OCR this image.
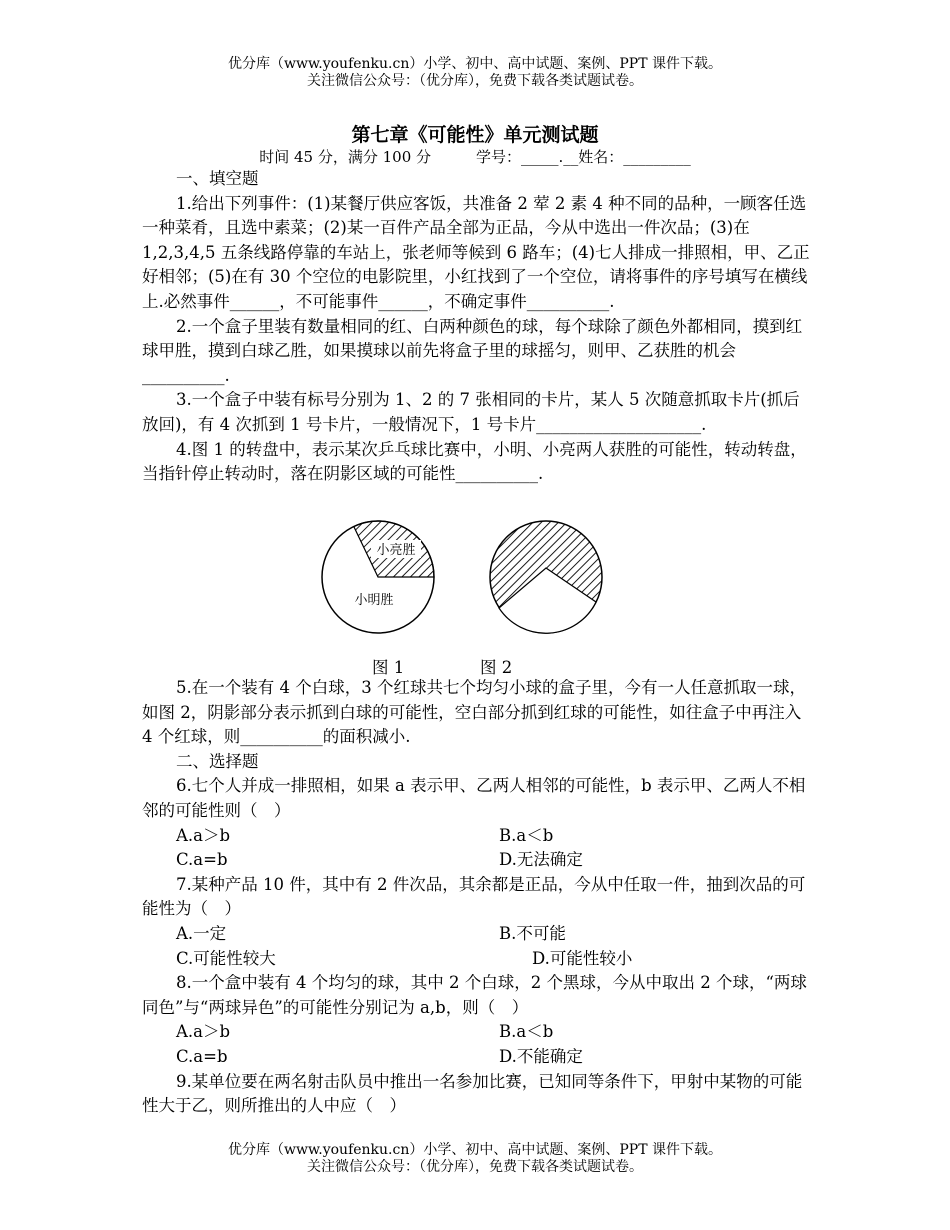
优分库（www.youfenku.cn）小学、初中、高中试题、案例、PPT 课件下载。
关注微信公众号：（优分库），免费下载各类试题试卷。
第七章《可能性》单元测试题
时间 45 分，满分 100 分　　　学号：_____.__姓名：_________

一、填空题

1.给出下列事件：(1)某餐厅供应客饭，共准备 2 荤 2 素 4 种不同的品种，一顾客任选一种菜肴，且选中素菜；(2)某一百件产品全部为正品，今从中选出一件次品；(3)在 1,2,3,4,5 五条线路停靠的车站上，张老师等候到 6 路车；(4)七人排成一排照相，甲、乙正好相邻；(5)在有 30 个空位的电影院里，小红找到了一个空位，请将事件的序号填写在横线上.必然事件______，不可能事件______，不确定事件__________.

2.一个盒子里装有数量相同的红、白两种颜色的球，每个球除了颜色外都相同，摸到红球甲胜，摸到白球乙胜，如果摸球以前先将盒子里的球摇匀，则甲、乙获胜的机会__________.

3.一个盒子中装有标号分别为 1、2 的 7 张相同的卡片，某人 5 次随意抓取卡片(抓后放回)，有 4 次抓到 1 号卡片，一般情况下，1 号卡片____________________.

4.图 1 的转盘中，表示某次乒乓球比赛中，小明、小亮两人获胜的可能性，转动转盘，当指针停止转动时，落在阴影区域的可能性__________.

小亮胜
小明胜
图 1	图 2

5.在一个装有 4 个白球，3 个红球共七个均匀小球的盒子里，今有一人任意抓取一球，如图 2，阴影部分表示抓到白球的可能性，空白部分抓到红球的可能性，如往盒子中再注入 4 个红球，则__________的面积减小.

二、选择题

6.七个人并成一排照相，如果 a 表示甲、乙两人相邻的可能性，b 表示甲、乙两人不相邻的可能性则（　）

A.a＞b	B.a＜b
C.a=b	D.无法确定

7.某种产品 10 件，其中有 2 件次品，其余都是正品，今从中任取一件，抽到次品的可能性为（　）

A.一定	B.不可能
C.可能性较大	D.可能性较小

8.一个盒中装有 4 个均匀的球，其中 2 个白球，2 个黑球，今从中取出 2 个球，“两球同色”与“两球异色”的可能性分别记为 a,b，则（　）

A.a＞b	B.a＜b
C.a=b	D.不能确定

9.某单位要在两名射击队员中推出一名参加比赛，已知同等条件下，甲射中某物的可能性大于乙，则所推出的人中应（　）

优分库（www.youfenku.cn）小学、初中、高中试题、案例、PPT 课件下载。
关注微信公众号：（优分库），免费下载各类试题试卷。
